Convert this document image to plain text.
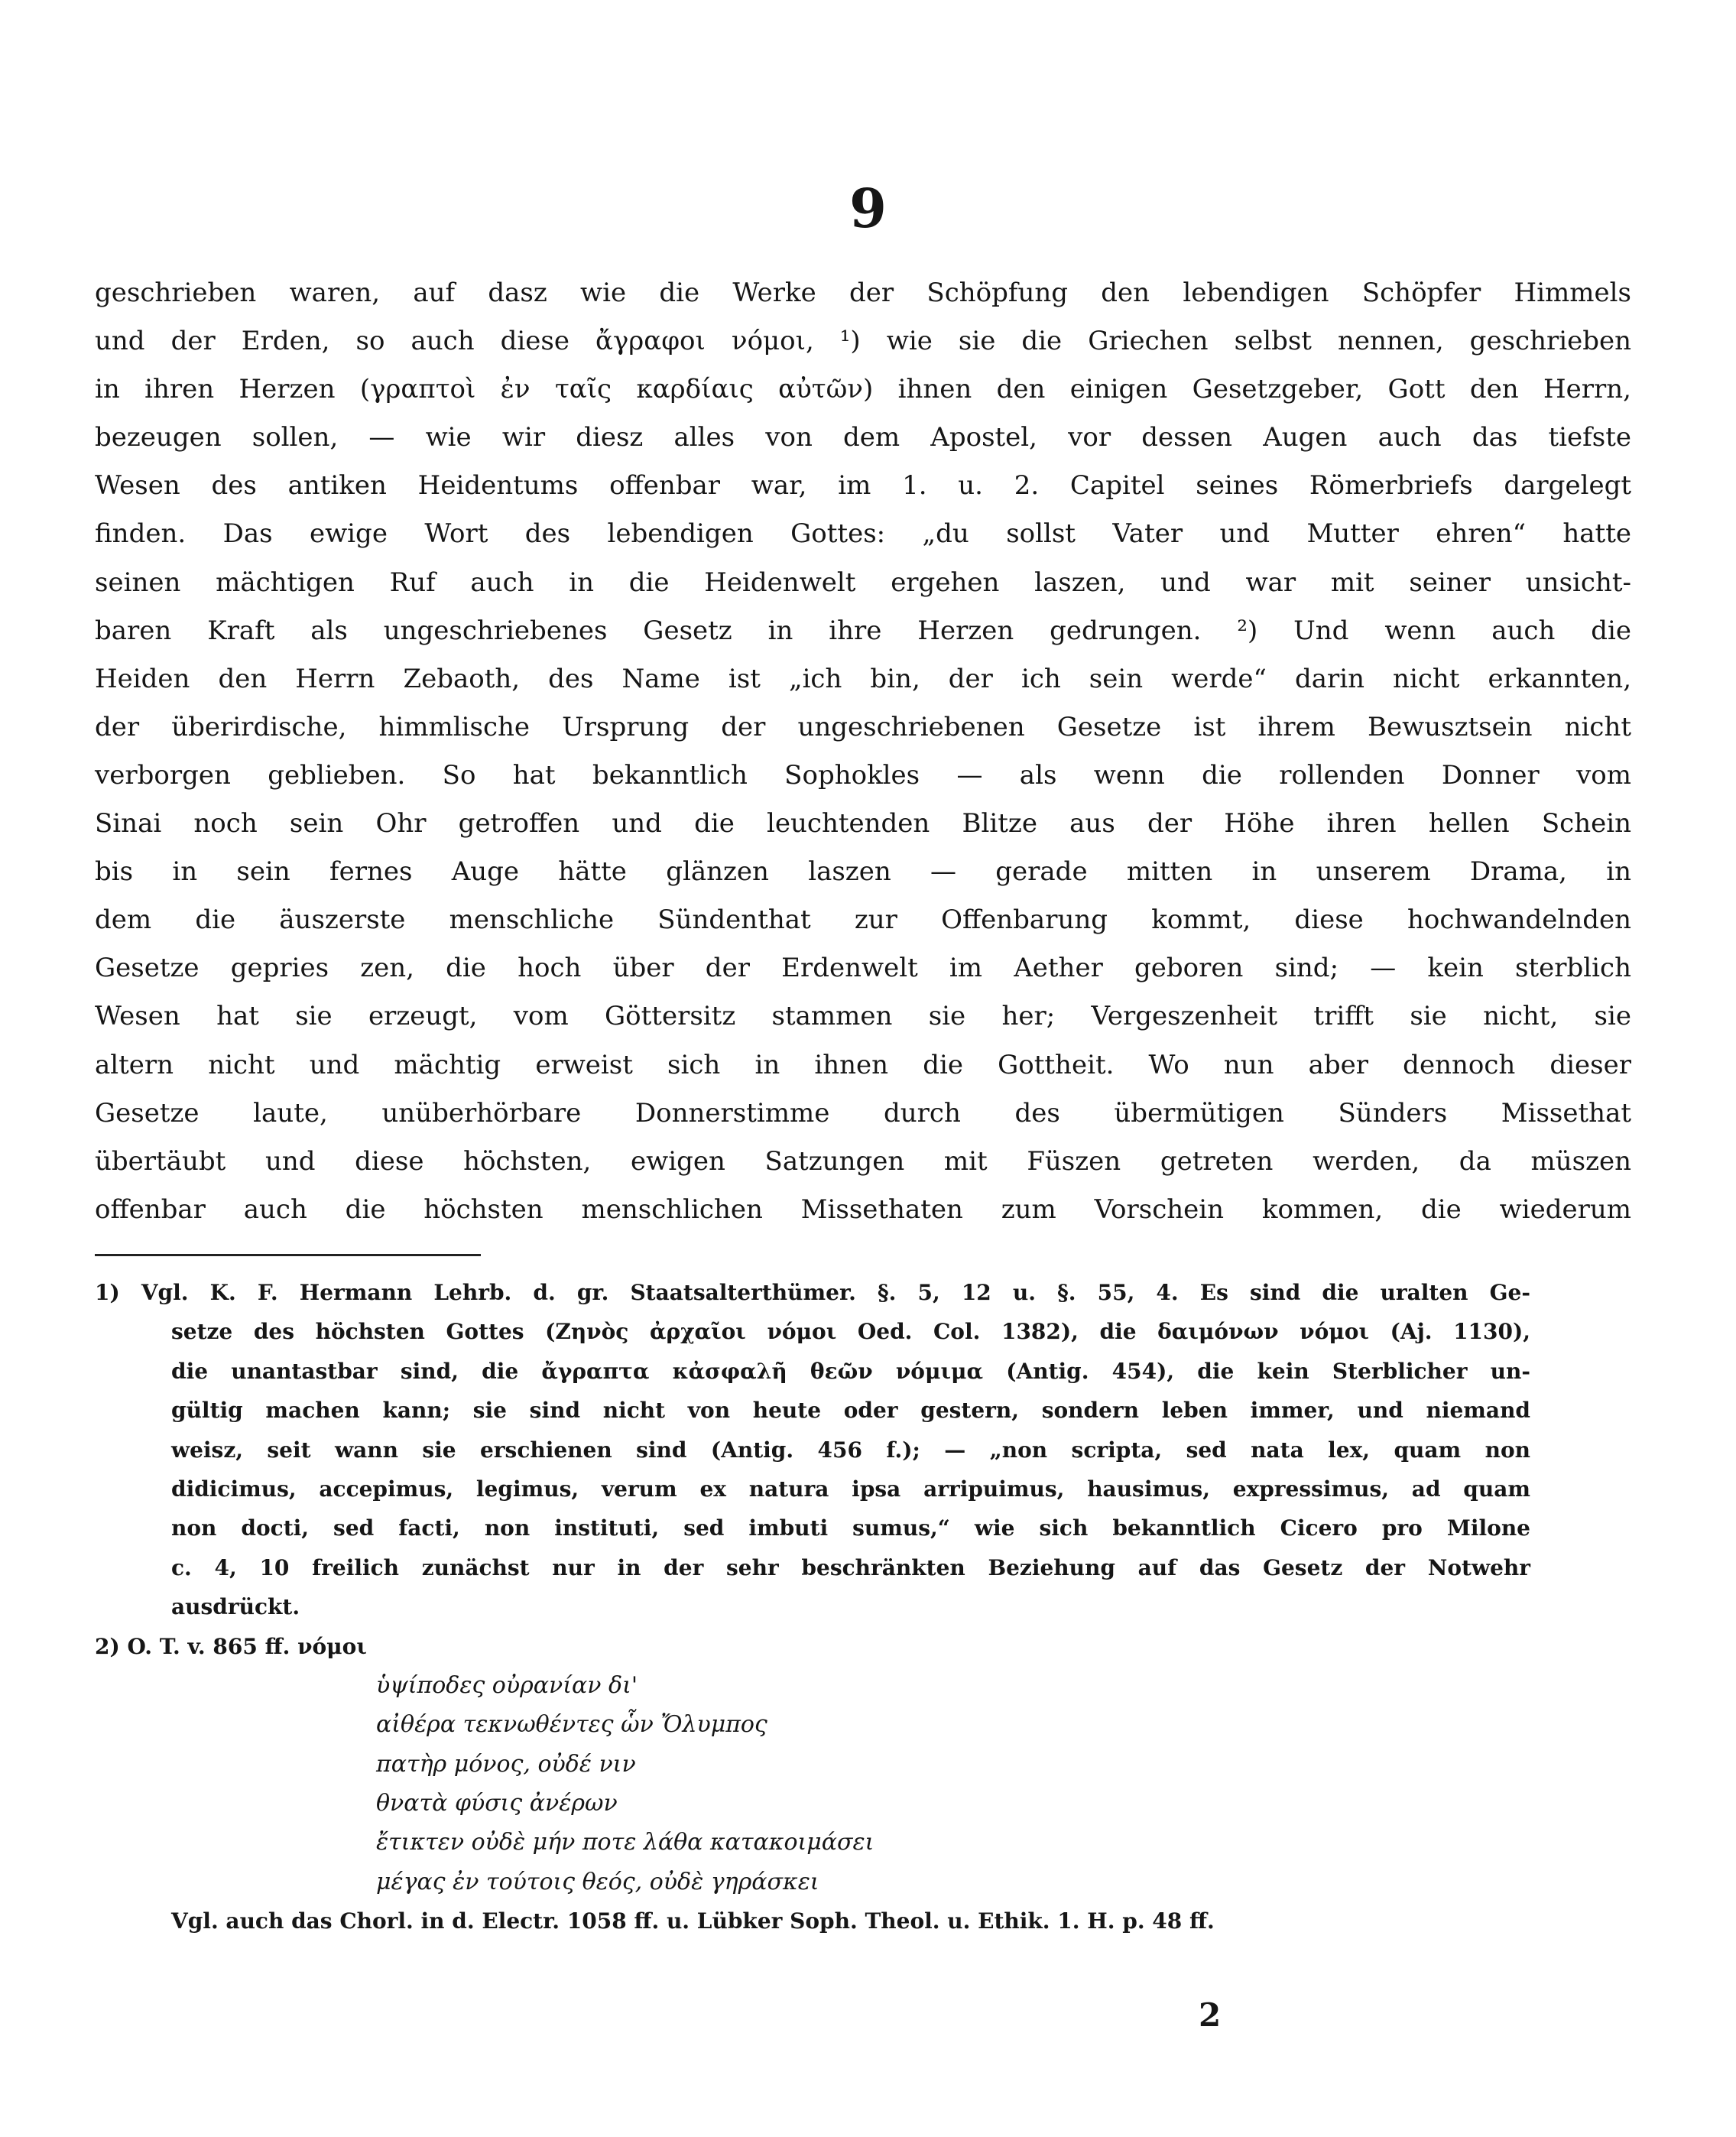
9
geschrieben waren, auf dasz wie die Werke der Schöpfung den lebendigen Schöpfer Himmels
und der Erden, so auch diese ἄγραφοι νόμοι, ¹) wie sie die Griechen selbst nennen, geschrieben
in ihren Herzen (γραπτοὶ ἐν ταῖς καρδίαις αὐτῶν) ihnen den einigen Gesetzgeber, Gott den Herrn,
bezeugen sollen, — wie wir diesz alles von dem Apostel, vor dessen Augen auch das tiefste
Wesen des antiken Heidentums offenbar war, im 1. u. 2. Capitel seines Römerbriefs dargelegt
finden. Das ewige Wort des lebendigen Gottes: „du sollst Vater und Mutter ehren“ hatte
seinen mächtigen Ruf auch in die Heidenwelt ergehen laszen, und war mit seiner unsicht-
baren Kraft als ungeschriebenes Gesetz in ihre Herzen gedrungen. ²) Und wenn auch die
Heiden den Herrn Zebaoth, des Name ist „ich bin, der ich sein werde“ darin nicht erkannten,
der überirdische, himmlische Ursprung der ungeschriebenen Gesetze ist ihrem Bewusztsein nicht
verborgen geblieben. So hat bekanntlich Sophokles — als wenn die rollenden Donner vom
Sinai noch sein Ohr getroffen und die leuchtenden Blitze aus der Höhe ihren hellen Schein
bis in sein fernes Auge hätte glänzen laszen — gerade mitten in unserem Drama, in
dem die äuszerste menschliche Sündenthat zur Offenbarung kommt, diese hochwandelnden
Gesetze gepries zen, die hoch über der Erdenwelt im Aether geboren sind; — kein sterblich
Wesen hat sie erzeugt, vom Göttersitz stammen sie her; Vergeszenheit trifft sie nicht, sie
altern nicht und mächtig erweist sich in ihnen die Gottheit. Wo nun aber dennoch dieser
Gesetze laute, unüberhörbare Donnerstimme durch des übermütigen Sünders Missethat
übertäubt und diese höchsten, ewigen Satzungen mit Füszen getreten werden, da müszen
offenbar auch die höchsten menschlichen Missethaten zum Vorschein kommen, die wiederum
1) Vgl. K. F. Hermann Lehrb. d. gr. Staatsalterthümer. §. 5, 12 u. §. 55, 4. Es sind die uralten Ge-
setze des höchsten Gottes (Ζηνὸς ἀρχαῖοι νόμοι Oed. Col. 1382), die δαιμόνων νόμοι (Aj. 1130),
die unantastbar sind, die ἄγραπτα κἀσφαλῆ θεῶν νόμιμα (Antig. 454), die kein Sterblicher un-
gültig machen kann; sie sind nicht von heute oder gestern, sondern leben immer, und niemand
weisz, seit wann sie erschienen sind (Antig. 456 f.); — „non scripta, sed nata lex, quam non
didicimus, accepimus, legimus, verum ex natura ipsa arripuimus, hausimus, expressimus, ad quam
non docti, sed facti, non instituti, sed imbuti sumus,“ wie sich bekanntlich Cicero pro Milone
c. 4, 10 freilich zunächst nur in der sehr beschränkten Beziehung auf das Gesetz der Notwehr
ausdrückt.
2) O. T. v. 865 ff. νόμοι
ὑψίποδες οὐρανίαν δι'
αἰθέρα τεκνωθέντες ὧν Ὄλυμπος
πατὴρ μόνος, οὐδέ νιν
θνατὰ φύσις ἀνέρων
ἔτικτεν οὐδὲ μήν ποτε λάθα κατακοιμάσει
μέγας ἐν τούτοις θεός, οὐδὲ γηράσκει
Vgl. auch das Chorl. in d. Electr. 1058 ff. u. Lübker Soph. Theol. u. Ethik. 1. H. p. 48 ff.
2
